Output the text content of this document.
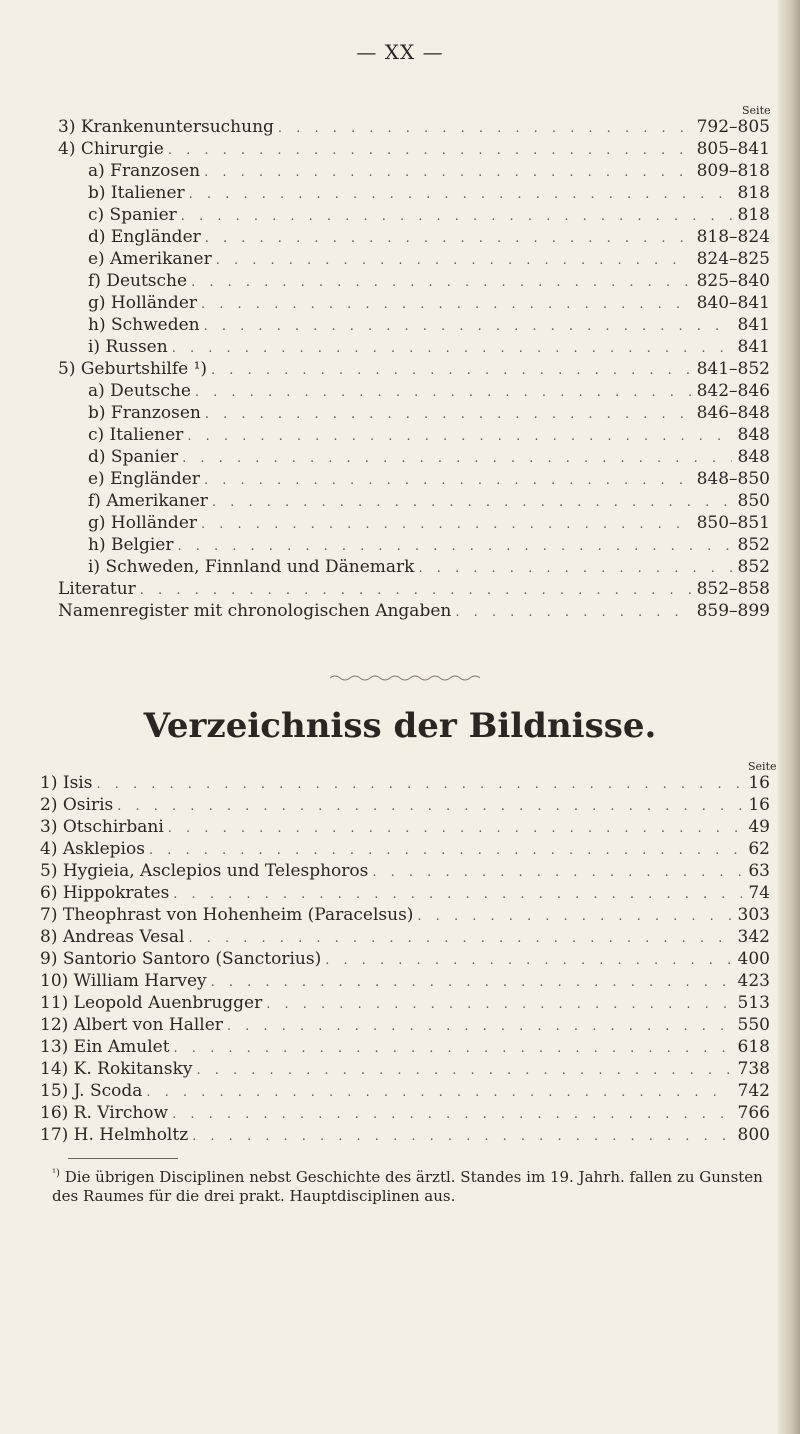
— XX —
Seite
3) Krankenuntersuchung . . .	792–805
4) Chirurgie . . .	805–841
a) Franzosen . . .	809–818
b) Italiener . . .	818
c) Spanier . . .	818
d) Engländer . . .	818–824
e) Amerikaner . . .	824–825
f) Deutsche . . .	825–840
g) Holländer . . .	840–841
h) Schweden . . .	841
i) Russen . . .	841
5) Geburtshilfe ¹) . . .	841–852
a) Deutsche . . .	842–846
b) Franzosen . . .	846–848
c) Italiener . . .	848
d) Spanier . . .	848
e) Engländer . . .	848–850
f) Amerikaner . . .	850
g) Holländer . . .	850–851
h) Belgier . . .	852
i) Schweden, Finnland und Dänemark . . .	852
Literatur . . .	852–858
Namenregister mit chronologischen Angaben . . .	859–899
Verzeichniss der Bildnisse.
Seite
1) Isis . . .	16
2) Osiris . . .	16
3) Otschirbani . . .	49
4) Asklepios . . .	62
5) Hygieia, Asclepios und Telesphoros . . .	63
6) Hippokrates . . .	74
7) Theophrast von Hohenheim (Paracelsus) . . .	303
8) Andreas Vesal . . .	342
9) Santorio Santoro (Sanctorius) . . .	400
10) William Harvey . . .	423
11) Leopold Auenbrugger . . .	513
12) Albert von Haller . . .	550
13) Ein Amulet . . .	618
14) K. Rokitansky . . .	738
15) J. Scoda . . .	742
16) R. Virchow . . .	766
17) H. Helmholtz . . .	800
$^{^1)}$ Die übrigen Disciplinen nebst Geschichte des ärztl. Standes im 19. Jahrh. fallen zu Gunsten des Raumes für die drei prakt. Hauptdisciplinen aus.
